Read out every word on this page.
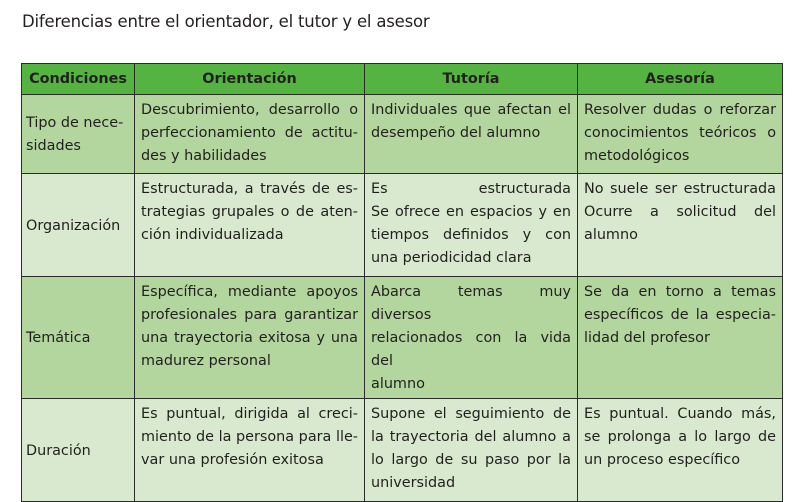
Diferencias entre el orientador, el tutor y el asesor
Condiciones	Orientación	Tutoría	Asesoría

Tipo de nece-
sidades	Descubrimiento, desarrollo o
perfeccionamiento de actitu-
des y habilidades	Individuales que afectan el
desempeño del alumno	Resolver dudas o reforzar
conocimientos teóricos o
metodológicos

Organización	Estructurada, a través de es-
trategias grupales o de aten-
ción individualizada	Es estructurada
Se ofrece en espacios y en
tiempos definidos y con
una periodicidad clara	No suele ser estructurada
Ocurre a solicitud del
alumno

Temática	Específica, mediante apoyos
profesionales para garantizar
una trayectoria exitosa y una
madurez personal	Abarca temas muy diversos
relacionados con la vida del
alumno	Se da en torno a temas
específicos de la especia-
lidad del profesor

Duración	Es puntual, dirigida al creci-
miento de la persona para lle-
var una profesión exitosa	Supone el seguimiento de
la trayectoria del alumno a
lo largo de su paso por la
universidad	Es puntual. Cuando más,
se prolonga a lo largo de
un proceso específico
